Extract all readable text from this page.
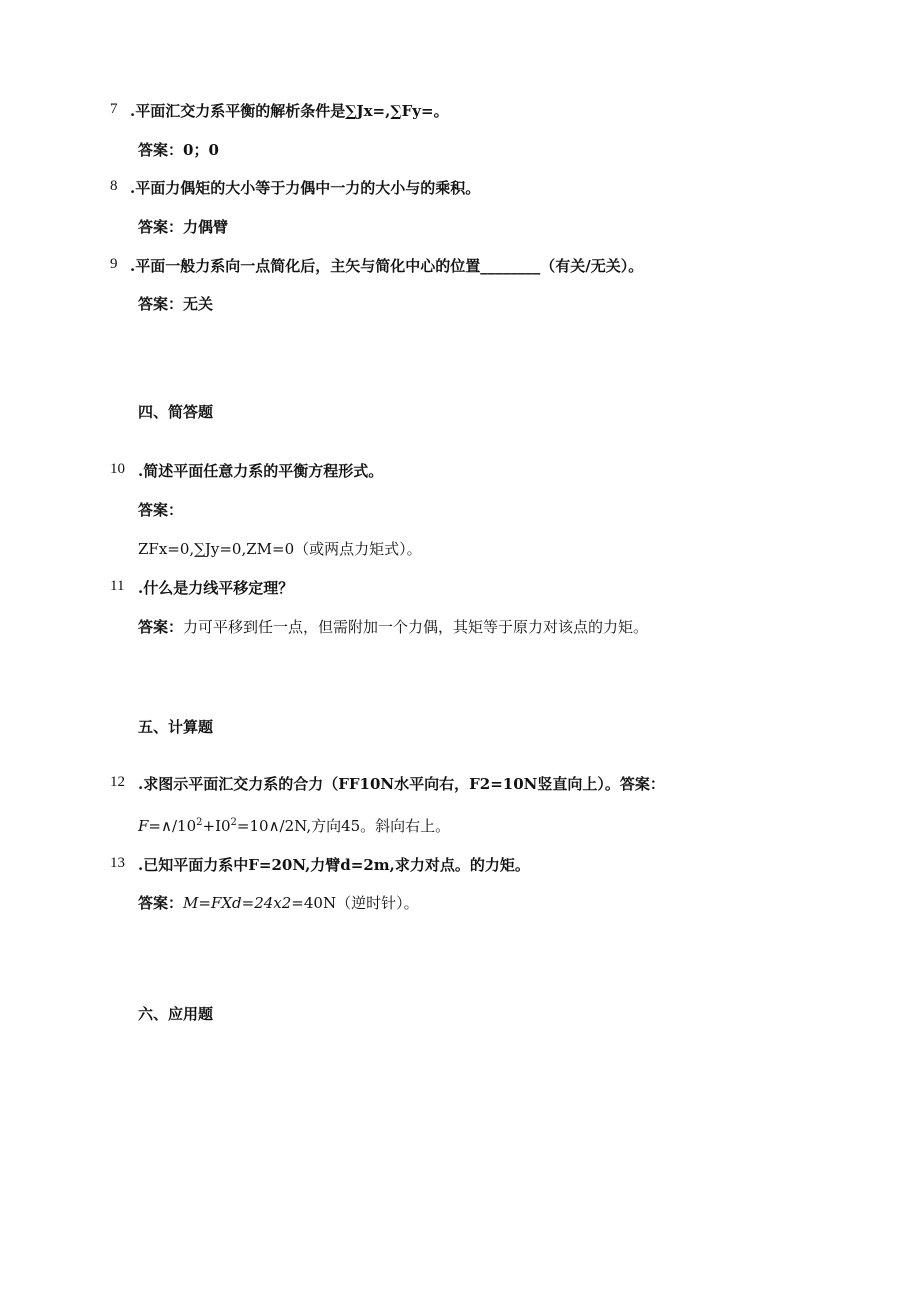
7 .平面汇交力系平衡的解析条件是∑Jx=,∑Fy=。
答案：0；0
8 .平面力偶矩的大小等于力偶中一力的大小与的乘积。
答案：力偶臂
9 .平面一般力系向一点简化后，主矢与简化中心的位置________（有关/无关）。
答案：无关
四、简答题
10 .简述平面任意力系的平衡方程形式。
答案：
ZFx=0,∑Jy=0,ZM=0（或两点力矩式）。
11 .什么是力线平移定理？
答案：力可平移到任一点，但需附加一个力偶，其矩等于原力对该点的力矩。
五、计算题
12 .求图示平面汇交力系的合力（FF10N水平向右，F2=10N竖直向上）。答案：
$F=\wedge/10^2+I0^2=10\wedge/2N$,方向45。斜向右上。
13 .已知平面力系中F=20N,力臂d=2m,求力对点。的力矩。
答案：M=FXd=24x2=40N（逆时针）。
六、应用题
